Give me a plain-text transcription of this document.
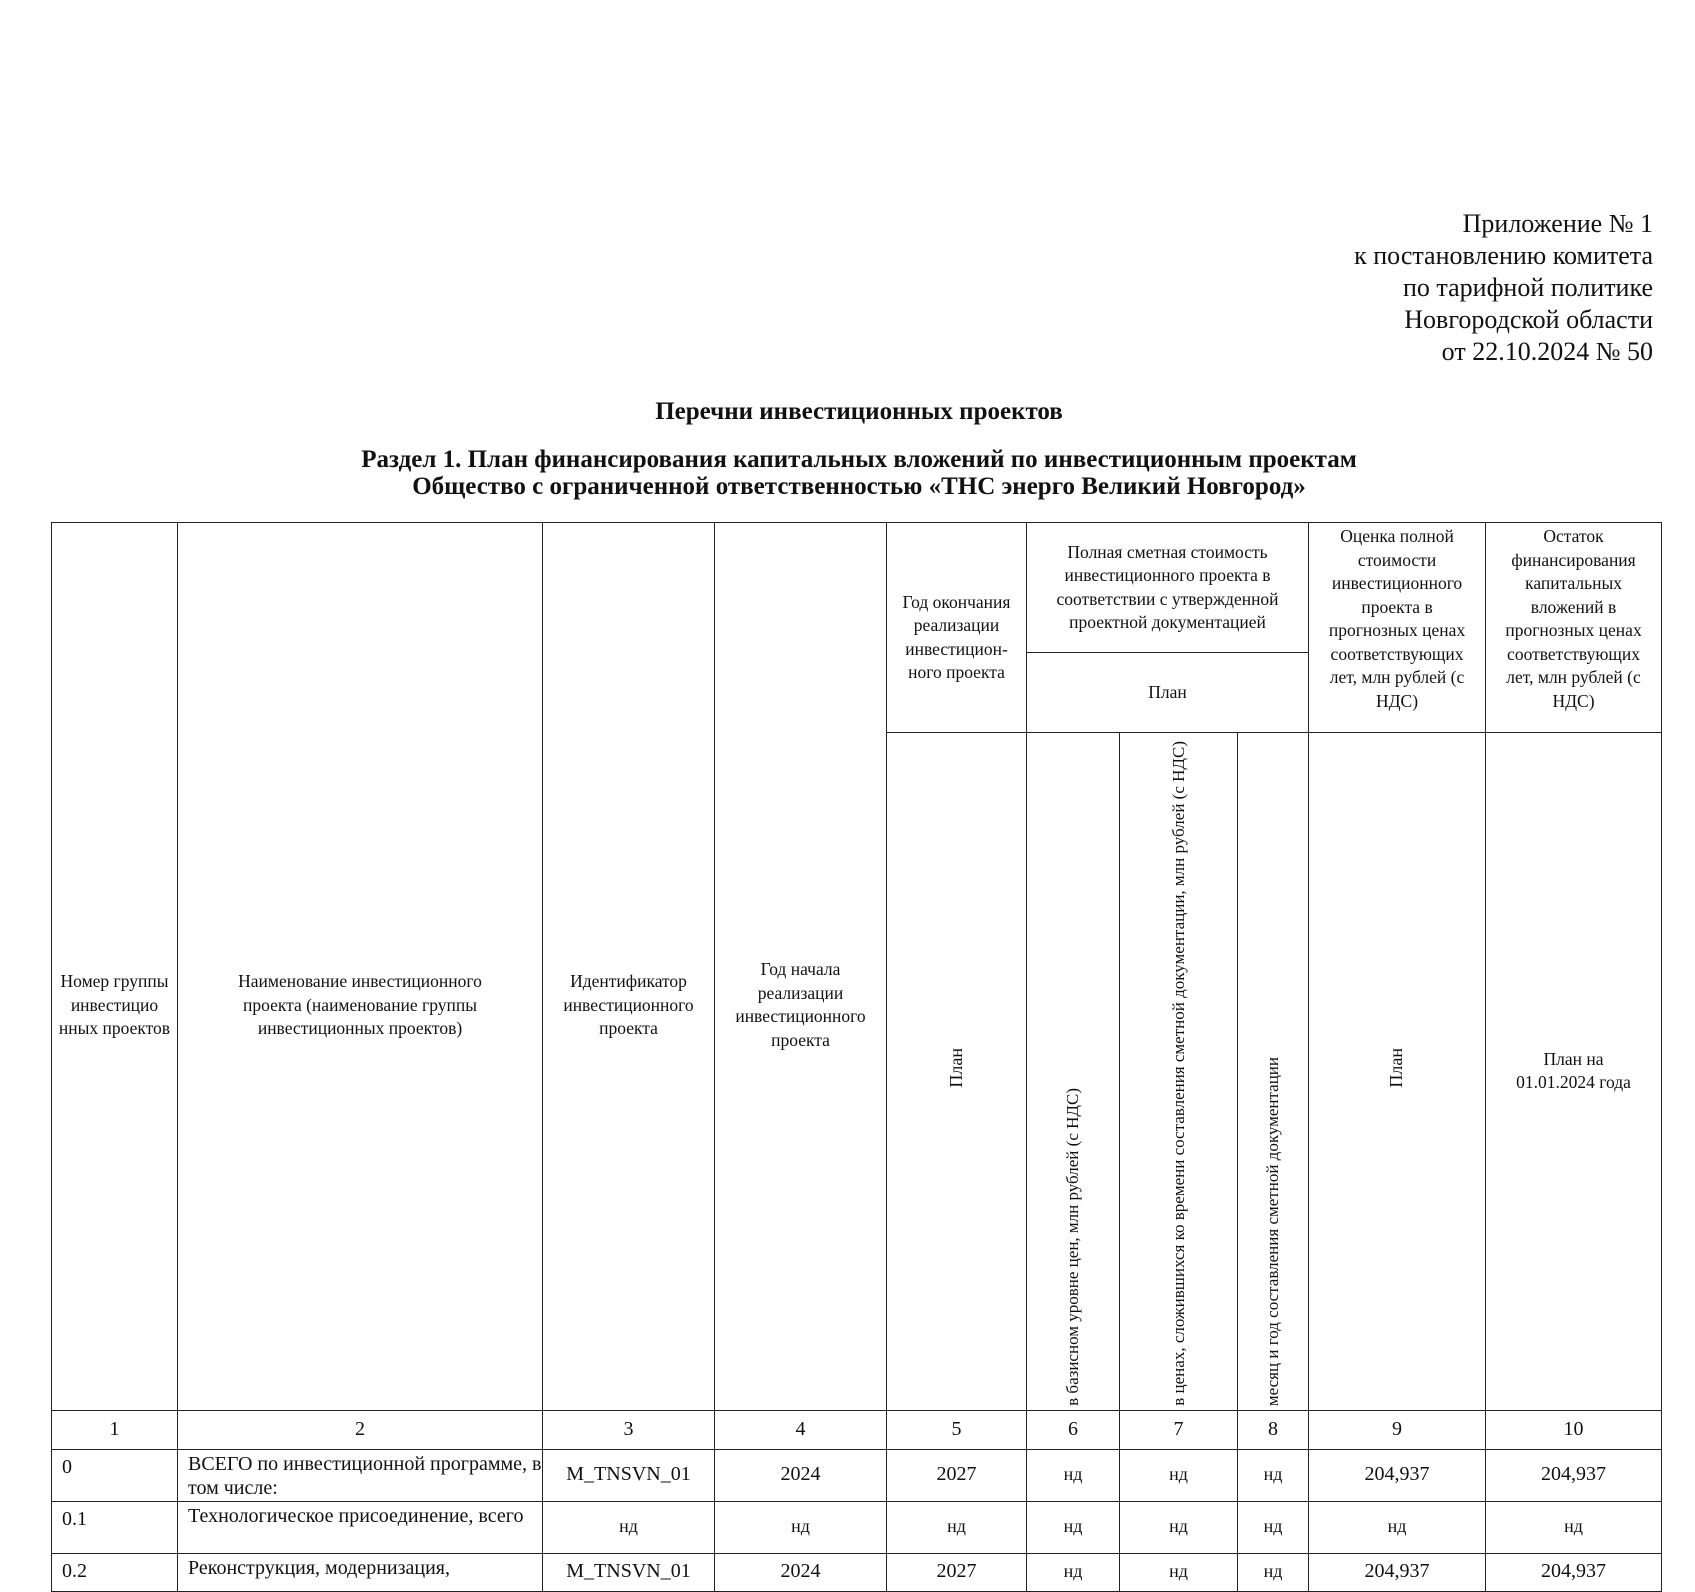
Приложение № 1
к постановлению комитета
по тарифной политике
Новгородской области
от 22.10.2024 № 50
Перечни инвестиционных проектов
Раздел 1. План финансирования капитальных вложений по инвестиционным проектам
Общество с ограниченной ответственностью «ТНС энерго Великий Новгород»
Номер группы инвестицио нных проектов	Наименование инвестиционного проекта (наименование группы инвестиционных проектов)	Идентификатор инвестиционного проекта	Год начала реализации инвестиционного проекта	Год окончания реализации инвестицион-ного проекта	Полная сметная стоимость инвестиционного проекта в соответствии с утвержденной проектной документацией			Оценка полной стоимости инвестиционного проекта в прогнозных ценах соответствующих лет, млн рублей (с НДС)	Остаток финансирования капитальных вложений в прогнозных ценах соответствующих лет, млн рублей (с НДС)
					План				
				План	в базисном уровне цен, млн рублей (с НДС)	в ценах, сложившихся ко времени составления сметной документации, млн рублей (с НДС)	месяц и год составления сметной документации	План	План на 01.01.2024 года
1	2	3	4	5	6	7	8	9	10
0	ВСЕГО по инвестиционной программе, в том числе:	M_TNSVN_01	2024	2027	нд	нд	нд	204,937	204,937
0.1	Технологическое присоединение, всего	нд	нд	нд	нд	нд	нд	нд	нд
0.2	Реконструкция, модернизация,	M_TNSVN_01	2024	2027	нд	нд	нд	204,937	204,937
